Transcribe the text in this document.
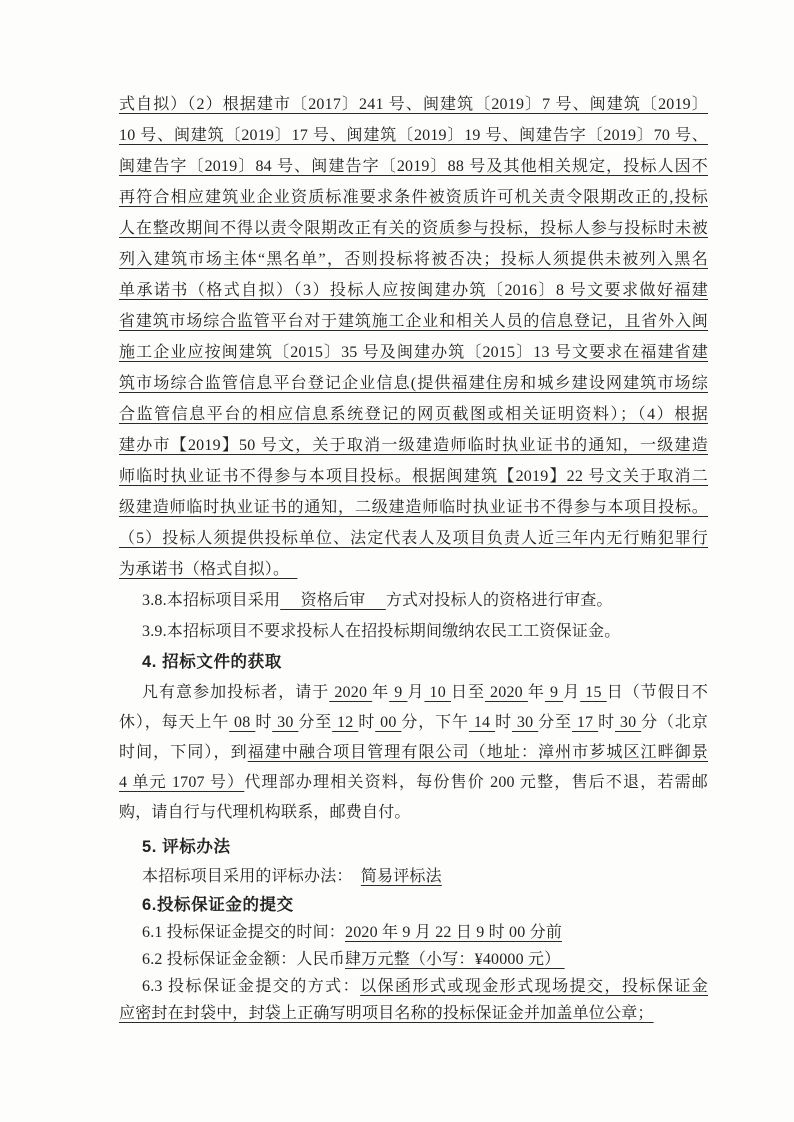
式自拟）（2）根据建市〔2017〕241 号、闽建筑〔2019〕7 号、闽建筑〔2019〕
10 号、闽建筑〔2019〕17 号、闽建筑〔2019〕19 号、闽建告字〔2019〕70 号、
闽建告字〔2019〕84 号、闽建告字〔2019〕88 号及其他相关规定，投标人因不
再符合相应建筑业企业资质标准要求条件被资质许可机关责令限期改正的,投标
人在整改期间不得以责令限期改正有关的资质参与投标，投标人参与投标时未被
列入建筑市场主体“黑名单”，否则投标将被否决；投标人须提供未被列入黑名
单承诺书（格式自拟）（3）投标人应按闽建办筑〔2016〕8 号文要求做好福建
省建筑市场综合监管平台对于建筑施工企业和相关人员的信息登记，且省外入闽
施工企业应按闽建筑〔2015〕35 号及闽建办筑〔2015〕13 号文要求在福建省建
筑市场综合监管信息平台登记企业信息(提供福建住房和城乡建设网建筑市场综
合监管信息平台的相应信息系统登记的网页截图或相关证明资料）；（4）根据
建办市【2019】50 号文，关于取消一级建造师临时执业证书的通知，一级建造
师临时执业证书不得参与本项目投标。根据闽建筑【2019】22 号文关于取消二
级建造师临时执业证书的通知，二级建造师临时执业证书不得参与本项目投标。
（5）投标人须提供投标单位、法定代表人及项目负责人近三年内无行贿犯罪行
为承诺书（格式自拟）。　
3.8.本招标项目采用　 资格后审 　方式对投标人的资格进行审查。
3.9.本招标项目不要求投标人在招投标期间缴纳农民工工资保证金。
4. 招标文件的获取
凡有意参加投标者，请于 2020 年 9 月 10 日至 2020 年 9 月 15 日（节假日不
休），每天上午 08 时 30 分至 12 时 00 分，下午 14 时 30 分至 17 时 30 分（北京
时间，下同），到福建中融合项目管理有限公司（地址：漳州市芗城区江畔御景
4 单元 1707 号）代理部办理相关资料，每份售价 200 元整，售后不退，若需邮
购，请自行与代理机构联系，邮费自付。
5. 评标办法
本招标项目采用的评标办法：　简易评标法
6.投标保证金的提交
6.1 投标保证金提交的时间：2020 年 9 月 22 日 9 时 00 分前
6.2 投标保证金金额：人民币肆万元整（小写：¥40000 元）
6.3 投标保证金提交的方式：以保函形式或现金形式现场提交，投标保证金
应密封在封袋中，封袋上正确写明项目名称的投标保证金并加盖单位公章；
